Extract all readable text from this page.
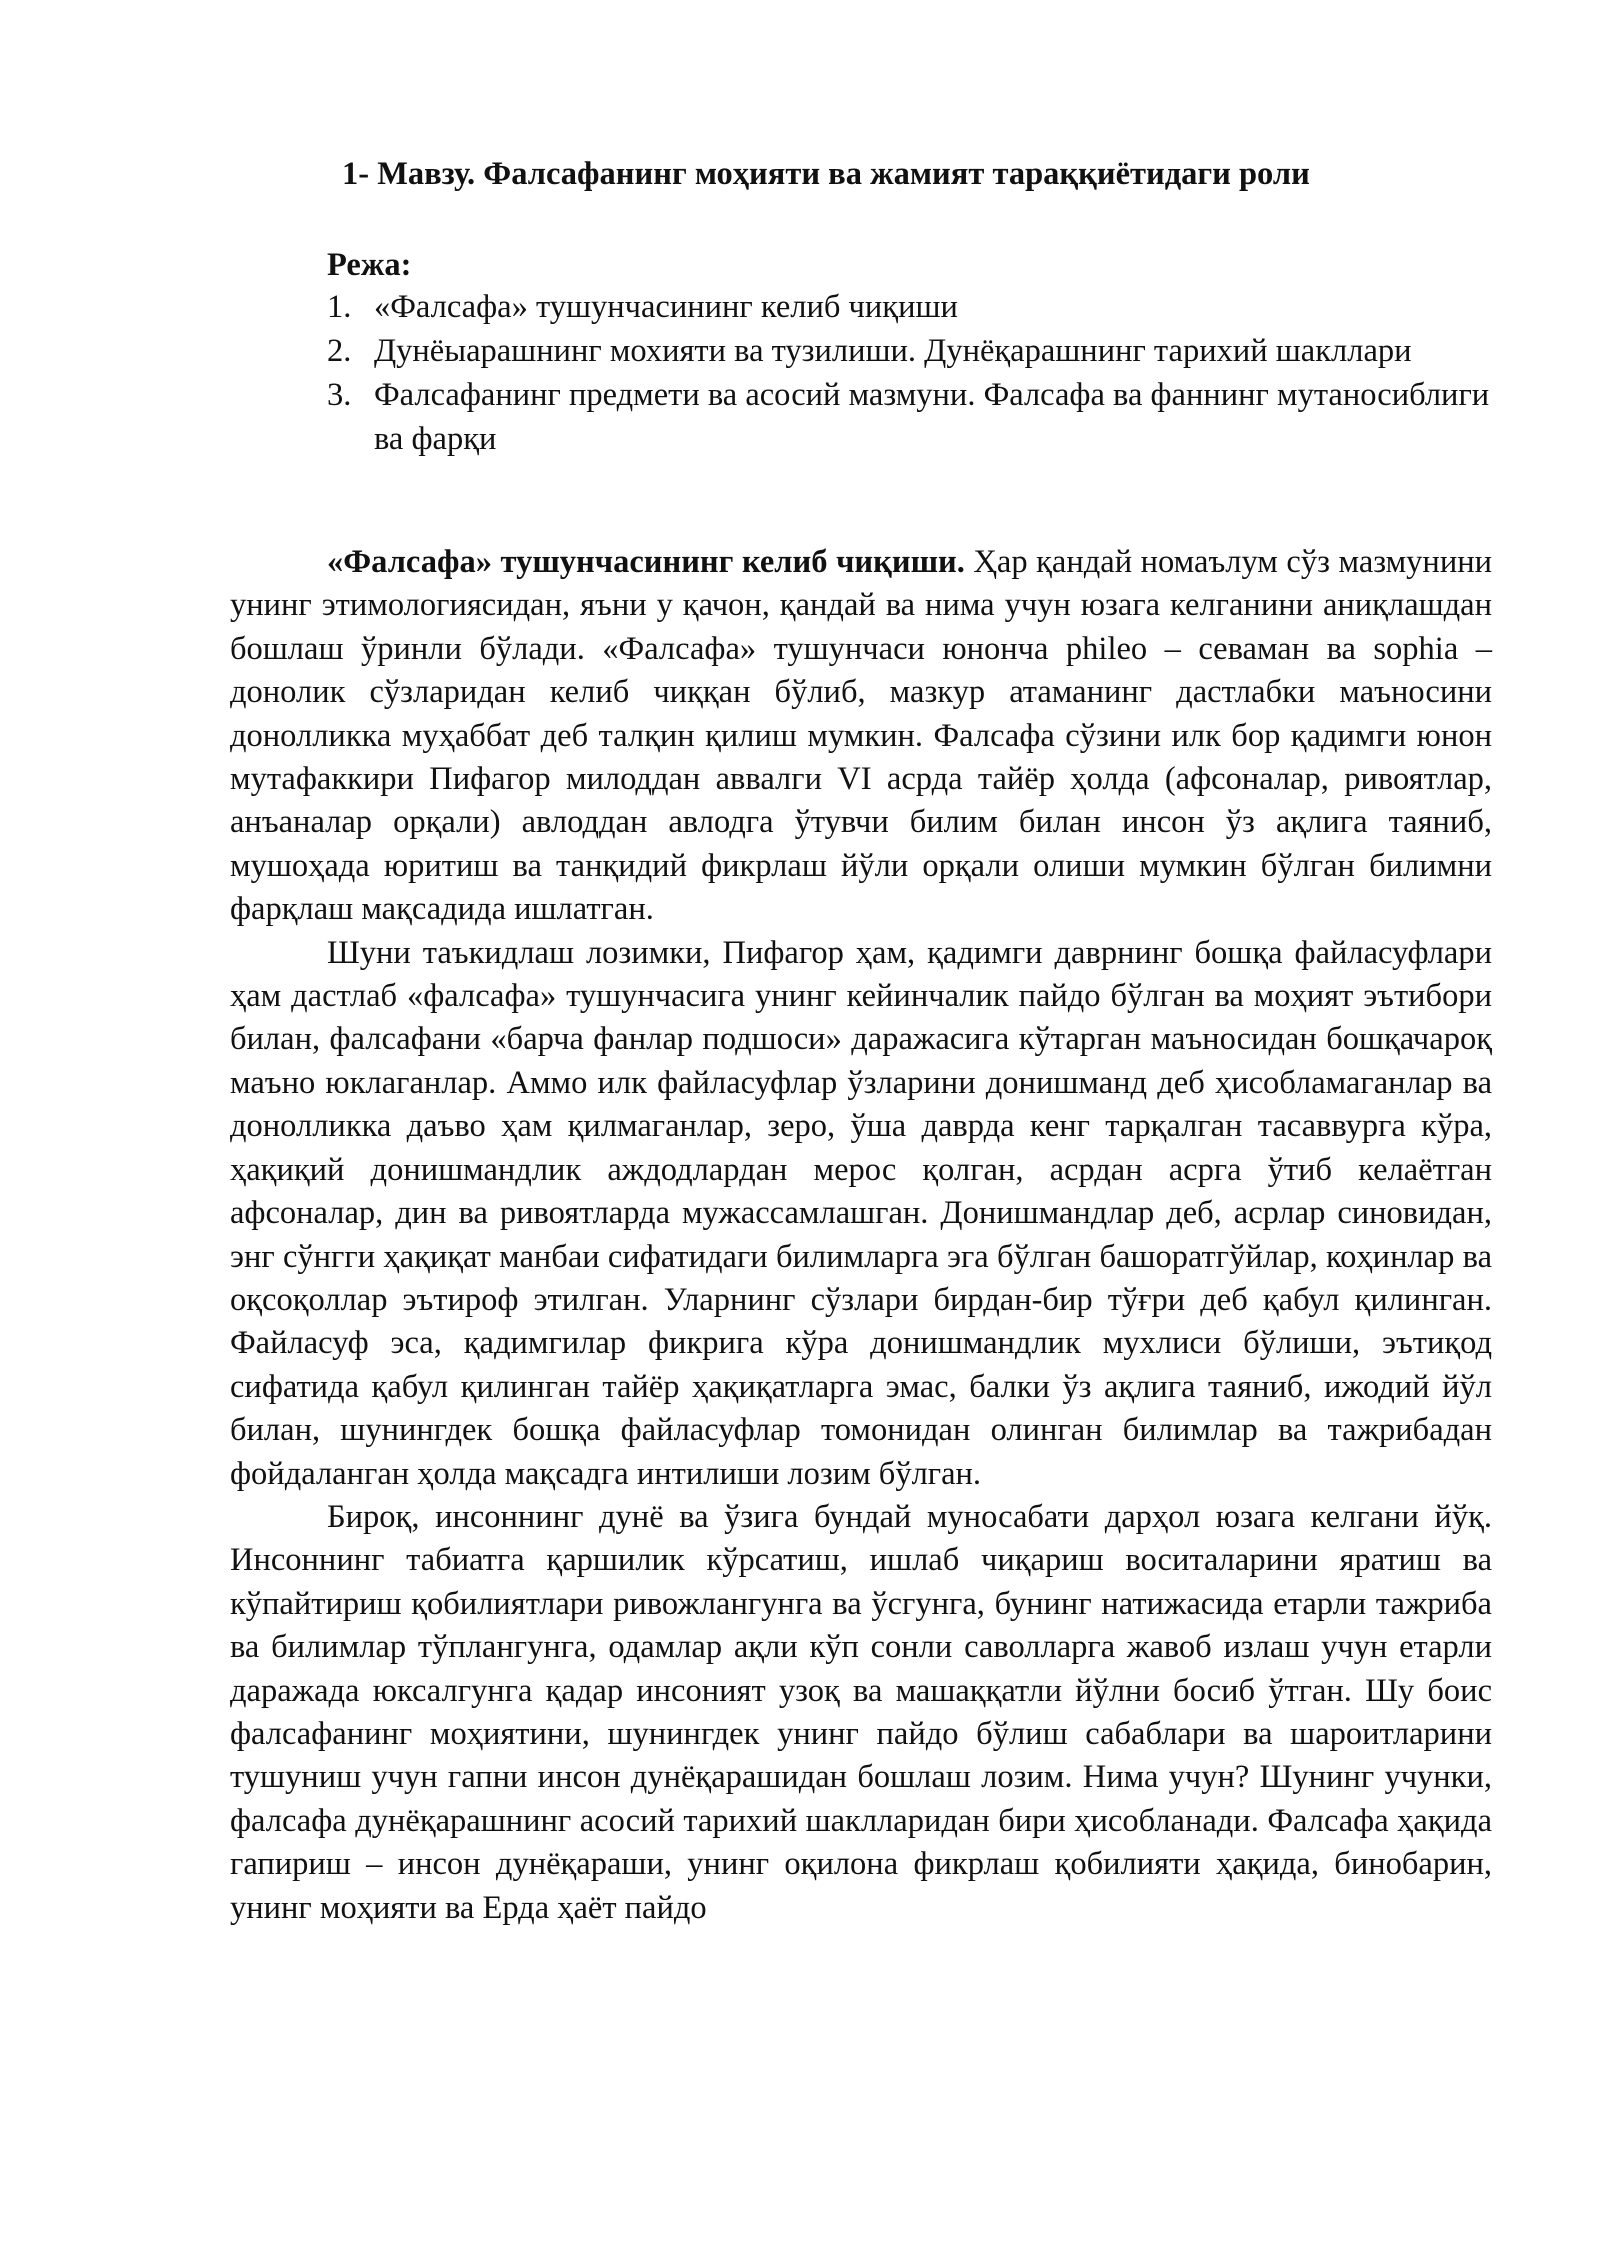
1- Мавзу. Фалсафанинг моҳияти ва жамият тараққиётидаги роли
Режа:
1. «Фалсафа» тушунчасининг келиб чиқиши
2. Дунёыарашнинг мохияти ва тузилиши. Дунёқарашнинг тарихий шакллари
3. Фалсафанинг предмети ва асосий мазмуни. Фалсафа ва фаннинг мутаносиблиги ва фарқи

«Фалсафа» тушунчасининг келиб чиқиши. Ҳар қандай номаълум сўз мазмунини унинг этимологиясидан, яъни у қачон, қандай ва нима учун юзага келганини аниқлашдан бошлаш ўринли бўлади. «Фалсафа» тушунчаси юнонча phileo – севаман ва sophia – донолик сўзларидан келиб чиққан бўлиб, мазкур атаманинг дастлабки маъносини донолликка муҳаббат деб талқин қилиш мумкин. Фалсафа сўзини илк бор қадимги юнон мутафаккири Пифагор милоддан аввалги VI асрда тайёр ҳолда (афсоналар, ривоятлар, анъаналар орқали) авлоддан авлодга ўтувчи билим билан инсон ўз ақлига таяниб, мушоҳада юритиш ва танқидий фикрлаш йўли орқали олиши мумкин бўлган билимни фарқлаш мақсадида ишлатган.

Шуни таъкидлаш лозимки, Пифагор ҳам, қадимги даврнинг бошқа файласуфлари ҳам дастлаб «фалсафа» тушунчасига унинг кейинчалик пайдо бўлган ва моҳият эътибори билан, фалсафани «барча фанлар подшоси» даражасига кўтарган маъносидан бошқачароқ маъно юклаганлар. Аммо илк файласуфлар ўзларини донишманд деб ҳисобламаганлар ва донолликка даъво ҳам қилмаганлар, зеро, ўша даврда кенг тарқалган тасаввурга кўра, ҳақиқий донишмандлик аждодлардан мерос қолган, асрдан асрга ўтиб келаётган афсоналар, дин ва ривоятларда мужассамлашган. Донишмандлар деб, асрлар синовидан, энг сўнгги ҳақиқат манбаи сифатидаги билимларга эга бўлган башоратгўйлар, коҳинлар ва оқсоқоллар эътироф этилган. Уларнинг сўзлари бирдан-бир тўғри деб қабул қилинган. Файласуф эса, қадимгилар фикрига кўра донишмандлик мухлиси бўлиши, эътиқод сифатида қабул қилинган тайёр ҳақиқатларга эмас, балки ўз ақлига таяниб, ижодий йўл билан, шунингдек бошқа файласуфлар томонидан олинган билимлар ва тажрибадан фойдаланган ҳолда мақсадга интилиши лозим бўлган.

Бироқ, инсоннинг дунё ва ўзига бундай муносабати дарҳол юзага келгани йўқ. Инсоннинг табиатга қаршилик кўрсатиш, ишлаб чиқариш воситаларини яратиш ва кўпайтириш қобилиятлари ривожлангунга ва ўсгунга, бунинг натижасида етарли тажриба ва билимлар тўплангунга, одамлар ақли кўп сонли саволларга жавоб излаш учун етарли даражада юксалгунга қадар инсоният узоқ ва машаққатли йўлни босиб ўтган. Шу боис фалсафанинг моҳиятини, шунингдек унинг пайдо бўлиш сабаблари ва шароитларини тушуниш учун гапни инсон дунёқарашидан бошлаш лозим. Нима учун? Шунинг учунки, фалсафа дунёқарашнинг асосий тарихий шаклларидан бири ҳисобланади. Фалсафа ҳақида гапириш – инсон дунёқараши, унинг оқилона фикрлаш қобилияти ҳақида, бинобарин, унинг моҳияти ва Ерда ҳаёт пайдо
